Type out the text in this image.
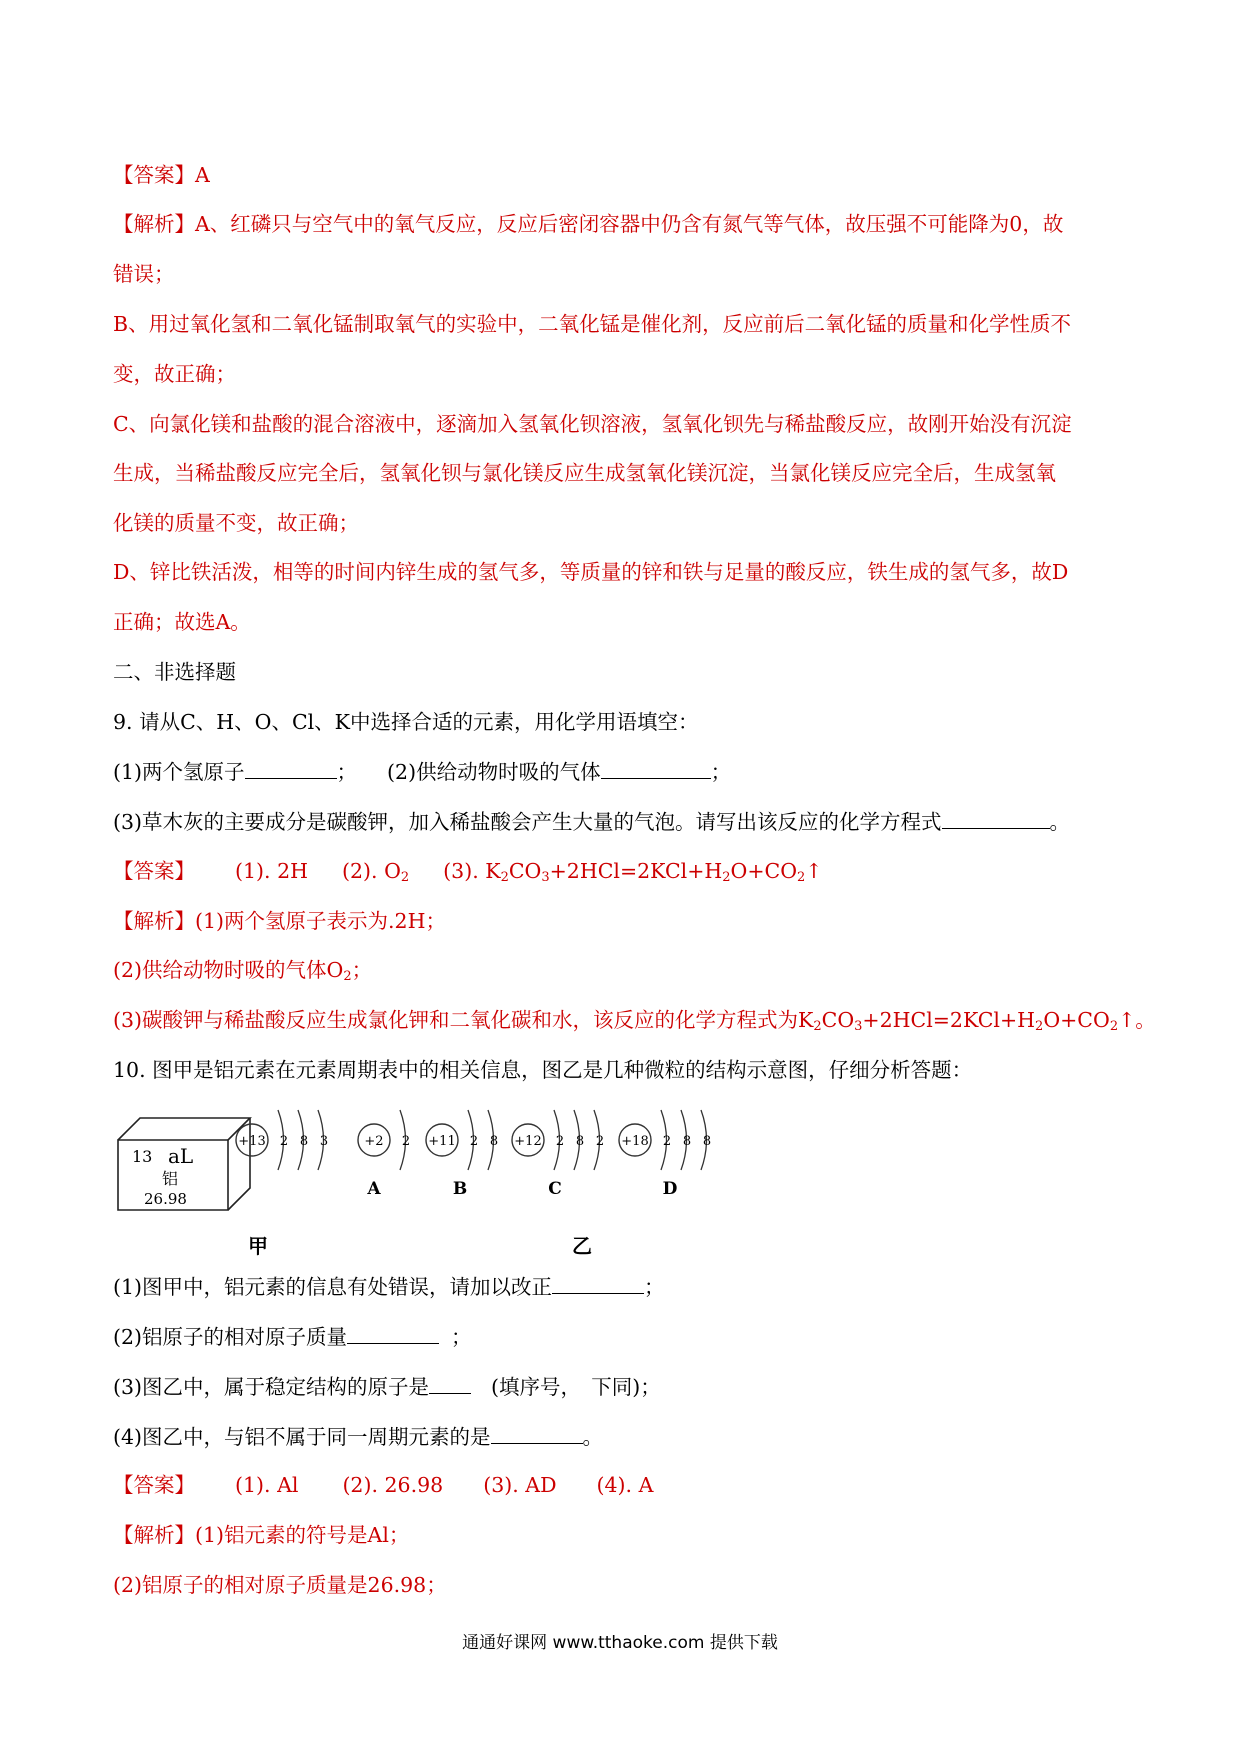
【答案】A
【解析】A、红磷只与空气中的氧气反应，反应后密闭容器中仍含有氮气等气体，故压强不可能降为0，故
错误；
B、用过氧化氢和二氧化锰制取氧气的实验中，二氧化锰是催化剂，反应前后二氧化锰的质量和化学性质不
变，故正确；
C、向氯化镁和盐酸的混合溶液中，逐滴加入氢氧化钡溶液，氢氧化钡先与稀盐酸反应，故刚开始没有沉淀
生成，当稀盐酸反应完全后，氢氧化钡与氯化镁反应生成氢氧化镁沉淀，当氯化镁反应完全后，生成氢氧
化镁的质量不变，故正确；
D、锌比铁活泼，相等的时间内锌生成的氢气多，等质量的锌和铁与足量的酸反应，铁生成的氢气多，故D
正确；故选A。
二、非选择题
9. 请从C、H、O、Cl、K中选择合适的元素，用化学用语填空：
(1)两个氢原子	； (2)供给动物时吸的气体	；
(3)草木灰的主要成分是碳酸钾，加入稀盐酸会产生大量的气泡。请写出该反应的化学方程式	。
【答案】 (1). 2H (2). $O_2$ (3). $K_2CO_3+2HCl=2KCl+H_2O+CO_2↑$
【解析】(1)两个氢原子表示为.2H；
(2)供给动物时吸的气体$O_2$；
(3)碳酸钾与稀盐酸反应生成氯化钾和二氧化碳和水，该反应的化学方程式为$K_2CO_3+2HCl=2KCl+H_2O+CO_2↑$。
10. 图甲是铝元素在元素周期表中的相关信息，图乙是几种微粒的结构示意图，仔细分析答题：
13 aL
铝
26.98
甲	乙
+13 2 8 3	+2 2
A
+11 2 8
B
+12 2 8 2
C
+18 2 8 8
D
(1)图甲中，铝元素的信息有处错误，请加以改正	；
(2)铝原子的相对原子质量	；
(3)图乙中，属于稳定结构的原子是	(填序号，　下同)；
(4)图乙中，与铝不属于同一周期元素的是	。
【答案】 (1). Al (2). 26.98 (3). AD (4). A
【解析】(1)铝元素的符号是Al；
(2)铝原子的相对原子质量是26.98；
通通好课网 www.tthaoke.com 提供下载
